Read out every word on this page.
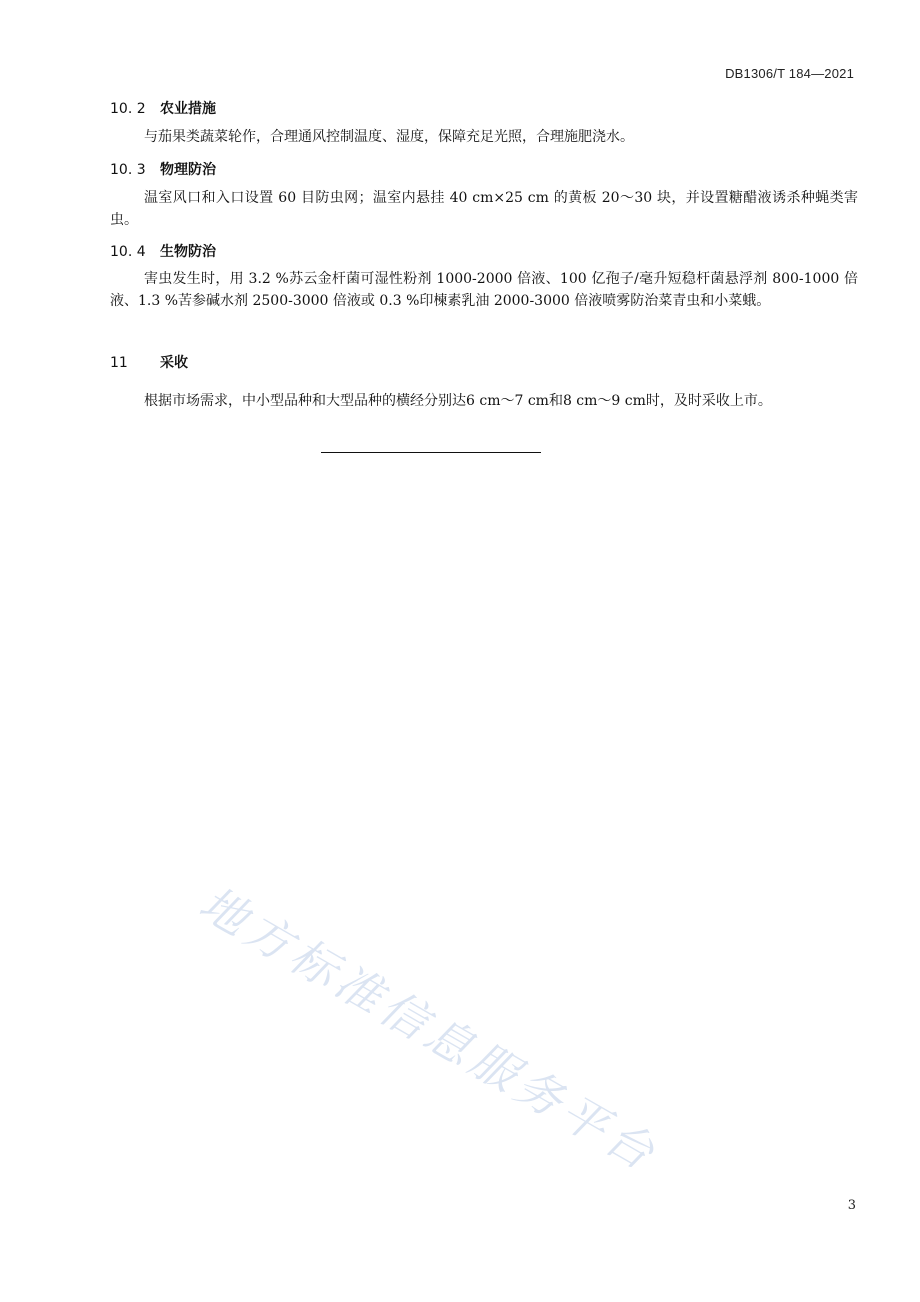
DB1306/T 184—2021
10. 2 农业措施
与茄果类蔬菜轮作，合理通风控制温度、湿度，保障充足光照，合理施肥浇水。
10. 3 物理防治
温室风口和入口设置 60 目防虫网；温室内悬挂 40 cm×25 cm 的黄板 20～30 块，并设置糖醋液诱杀种蝇类害虫。
10. 4 生物防治
害虫发生时，用 3.2 %苏云金杆菌可湿性粉剂 1000-2000 倍液、100 亿孢子/毫升短稳杆菌悬浮剂 800-1000 倍液、1.3 %苦参碱水剂 2500-3000 倍液或 0.3 %印楝素乳油 2000-3000 倍液喷雾防治菜青虫和小菜蛾。
11 采收
根据市场需求，中小型品种和大型品种的横经分别达6 cm～7 cm和8 cm～9 cm时，及时采收上市。
地方标准信息服务平台
3
